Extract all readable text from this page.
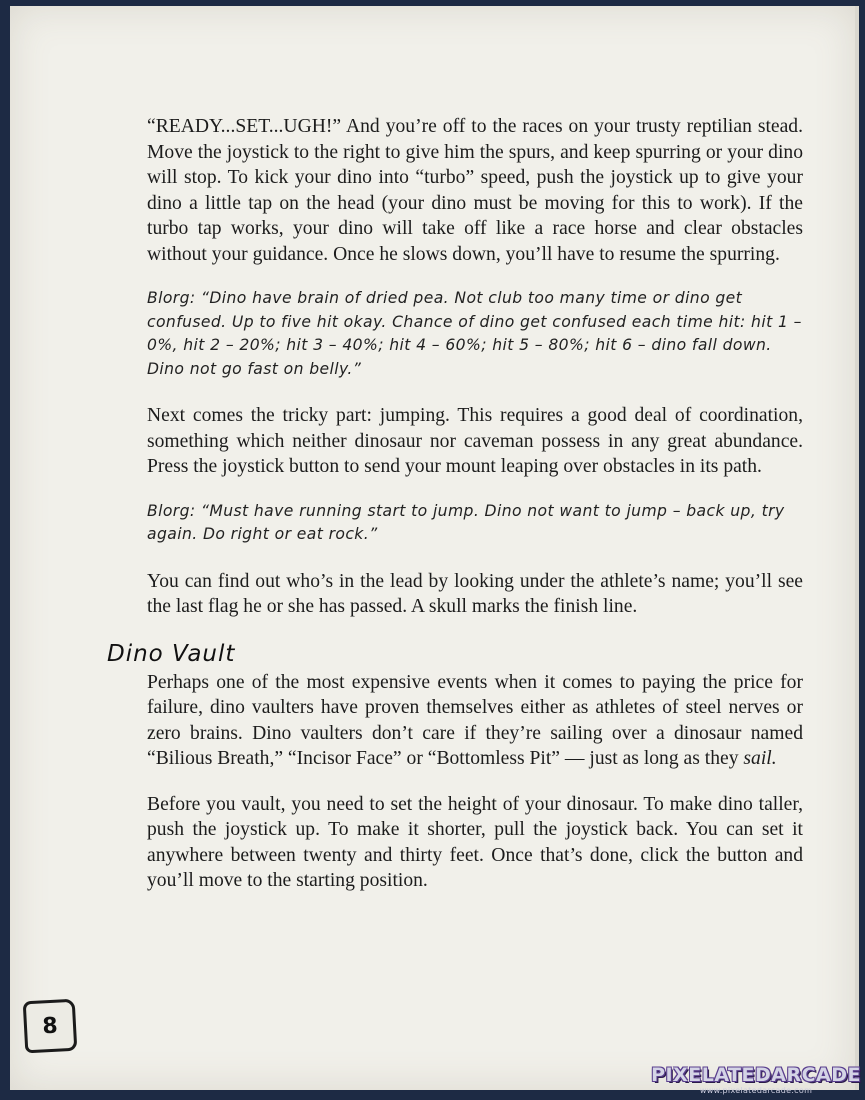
“READY...SET...UGH!” And you’re off to the races on your trusty reptilian stead. Move the joystick to the right to give him the spurs, and keep spurring or your dino will stop. To kick your dino into “turbo” speed, push the joystick up to give your dino a little tap on the head (your dino must be moving for this to work). If the turbo tap works, your dino will take off like a race horse and clear obstacles without your guidance. Once he slows down, you’ll have to resume the spurring.

Blorg: “Dino have brain of dried pea. Not club too many time or dino get confused. Up to five hit okay. Chance of dino get confused each time hit: hit 1 – 0%, hit 2 – 20%; hit 3 – 40%; hit 4 – 60%; hit 5 – 80%; hit 6 – dino fall down. Dino not go fast on belly.”

Next comes the tricky part: jumping. This requires a good deal of coordination, something which neither dinosaur nor caveman possess in any great abundance. Press the joystick button to send your mount leaping over obstacles in its path.

Blorg: “Must have running start to jump. Dino not want to jump – back up, try again. Do right or eat rock.”

You can find out who’s in the lead by looking under the athlete’s name; you’ll see the last flag he or she has passed. A skull marks the finish line.

Dino Vault

Perhaps one of the most expensive events when it comes to paying the price for failure, dino vaulters have proven themselves either as athletes of steel nerves or zero brains. Dino vaulters don’t care if they’re sailing over a dinosaur named “Bilious Breath,” “Incisor Face” or “Bottomless Pit” — just as long as they sail.

Before you vault, you need to set the height of your dinosaur. To make dino taller, push the joystick up. To make it shorter, pull the joystick back. You can set it anywhere between twenty and thirty feet. Once that’s done, click the button and you’ll move to the starting position.

8
PIXELATEDARCADE
www.pixelatedarcade.com
